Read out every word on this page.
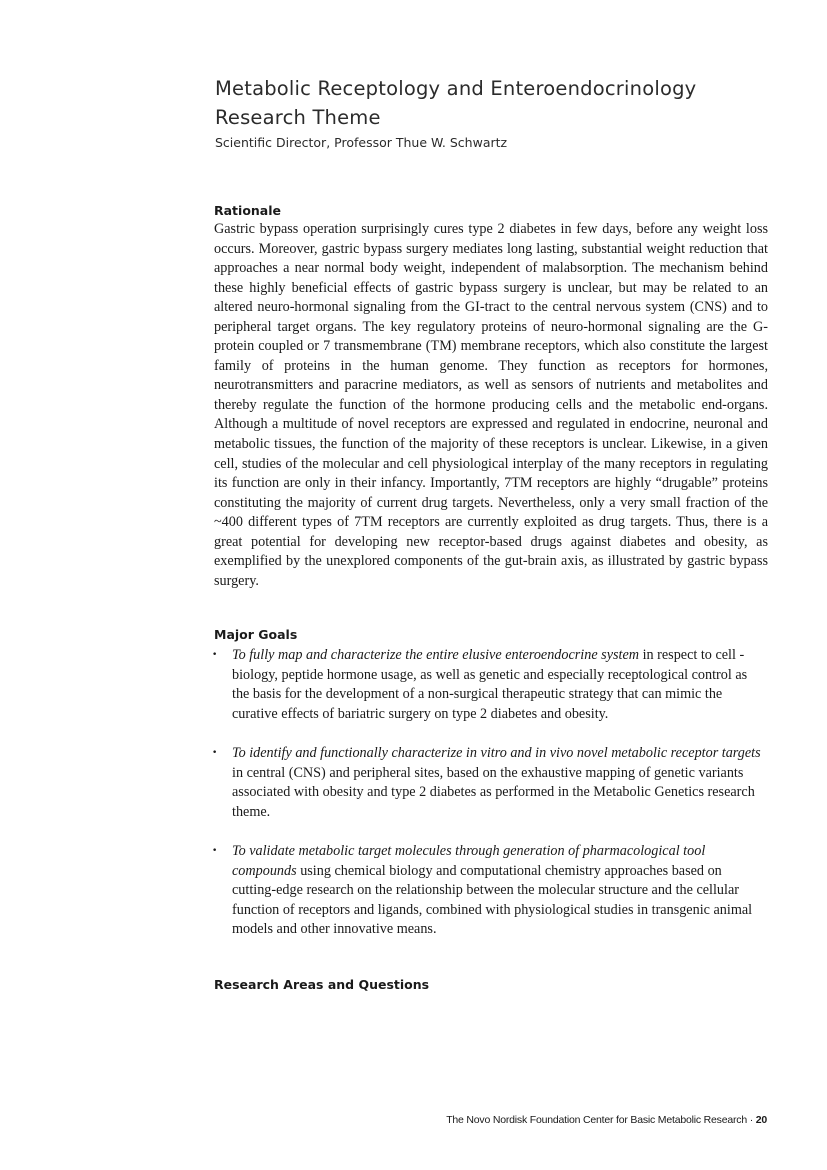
Metabolic Receptology and Enteroendocrinology Research Theme
Scientific Director, Professor Thue W. Schwartz
Rationale

Gastric bypass operation surprisingly cures type 2 diabetes in few days, before any weight loss occurs. Moreover, gastric bypass surgery mediates long lasting, substantial weight reduction that approaches a near normal body weight, independent of malabsorption. The mechanism behind these highly beneficial effects of gastric bypass surgery is unclear, but may be related to an altered neuro-hormonal signaling from the GI-tract to the central nervous system (CNS) and to peripheral target organs. The key regulatory proteins of neuro-hormonal signaling are the G-protein coupled or 7 transmembrane (TM) membrane receptors, which also constitute the largest family of proteins in the human genome. They function as receptors for hormones, neurotransmitters and paracrine mediators, as well as sensors of nutrients and metabolites and thereby regulate the function of the hormone producing cells and the metabolic end-organs. Although a multitude of novel receptors are expressed and regulated in endocrine, neuronal and metabolic tissues, the function of the majority of these receptors is unclear. Likewise, in a given cell, studies of the molecular and cell physiological interplay of the many receptors in regulating its function are only in their infancy. Importantly, 7TM receptors are highly “drugable” proteins constituting the majority of current drug targets. Nevertheless, only a very small fraction of the ~400 different types of 7TM receptors are currently exploited as drug targets. Thus, there is a great potential for developing new receptor-based drugs against diabetes and obesity, as exemplified by the unexplored components of the gut-brain axis, as illustrated by gastric bypass surgery.

Major Goals
• To fully map and characterize the entire elusive enteroendocrine system in respect to cell - biology, peptide hormone usage, as well as genetic and especially receptological control as the basis for the development of a non-surgical therapeutic strategy that can mimic the curative effects of bariatric surgery on type 2 diabetes and obesity.
• To identify and functionally characterize in vitro and in vivo novel metabolic receptor targets in central (CNS) and peripheral sites, based on the exhaustive mapping of genetic variants associated with obesity and type 2 diabetes as performed in the Metabolic Genetics research theme.
• To validate metabolic target molecules through generation of pharmacological tool compounds using chemical biology and computational chemistry approaches based on cutting-edge research on the relationship between the molecular structure and the cellular function of receptors and ligands, combined with physiological studies in transgenic animal models and other innovative means.
Research Areas and Questions
The Novo Nordisk Foundation Center for Basic Metabolic Research · 20
